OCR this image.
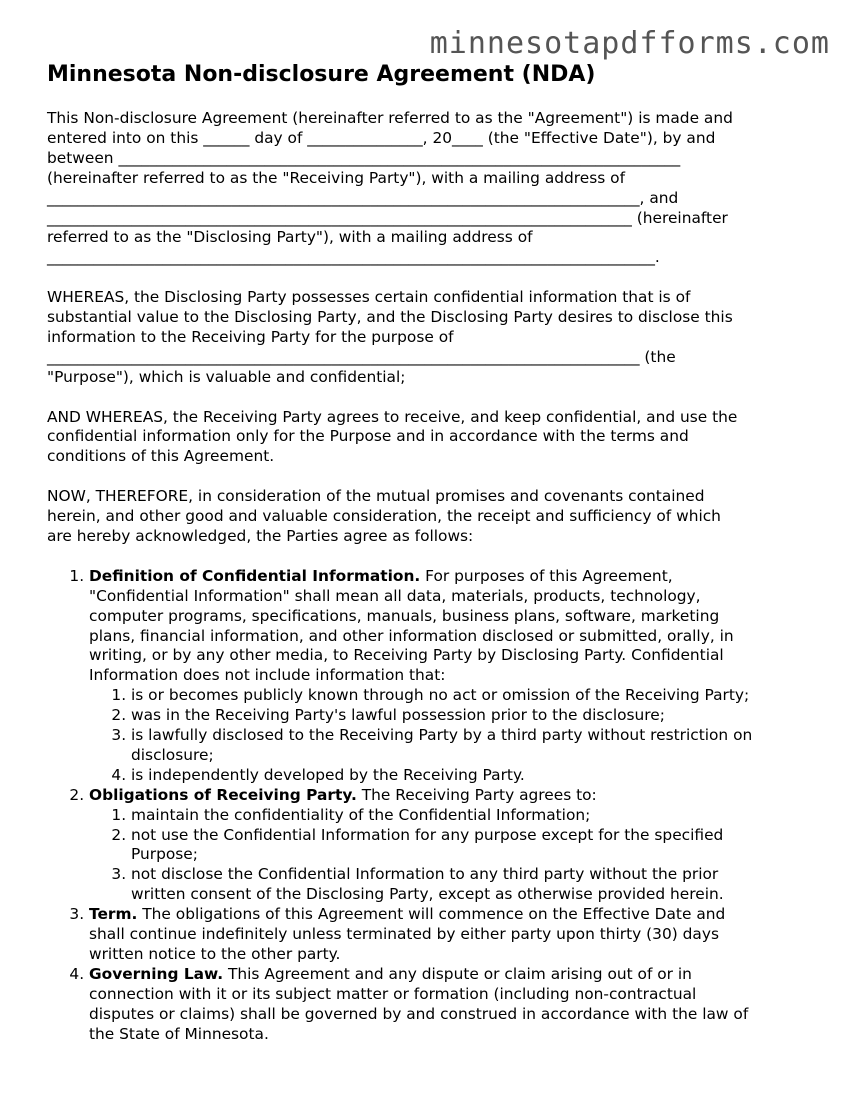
minnesotapdfforms.com
Minnesota Non-disclosure Agreement (NDA)

This Non-disclosure Agreement (hereinafter referred to as the "Agreement") is made and
entered into on this ______ day of _______________, 20____ (the "Effective Date"), by and
between _________________________________________________________________________
(hereinafter referred to as the "Receiving Party"), with a mailing address of
_____________________________________________________________________________, and
____________________________________________________________________________ (hereinafter
referred to as the "Disclosing Party"), with a mailing address of
_______________________________________________________________________________.

WHEREAS, the Disclosing Party possesses certain confidential information that is of
substantial value to the Disclosing Party, and the Disclosing Party desires to disclose this
information to the Receiving Party for the purpose of
_____________________________________________________________________________ (the
"Purpose"), which is valuable and confidential;

AND WHEREAS, the Receiving Party agrees to receive, and keep confidential, and use the
confidential information only for the Purpose and in accordance with the terms and
conditions of this Agreement.

NOW, THEREFORE, in consideration of the mutual promises and covenants contained
herein, and other good and valuable consideration, the receipt and sufficiency of which
are hereby acknowledged, the Parties agree as follows:

1. Definition of Confidential Information. For purposes of this Agreement,
"Confidential Information" shall mean all data, materials, products, technology,
computer programs, specifications, manuals, business plans, software, marketing
plans, financial information, and other information disclosed or submitted, orally, in
writing, or by any other media, to Receiving Party by Disclosing Party. Confidential
Information does not include information that:
1. is or becomes publicly known through no act or omission of the Receiving Party;
2. was in the Receiving Party's lawful possession prior to the disclosure;
3. is lawfully disclosed to the Receiving Party by a third party without restriction on
disclosure;
4. is independently developed by the Receiving Party.
2. Obligations of Receiving Party. The Receiving Party agrees to:
1. maintain the confidentiality of the Confidential Information;
2. not use the Confidential Information for any purpose except for the specified
Purpose;
3. not disclose the Confidential Information to any third party without the prior
written consent of the Disclosing Party, except as otherwise provided herein.
3. Term. The obligations of this Agreement will commence on the Effective Date and
shall continue indefinitely unless terminated by either party upon thirty (30) days
written notice to the other party.
4. Governing Law. This Agreement and any dispute or claim arising out of or in
connection with it or its subject matter or formation (including non-contractual
disputes or claims) shall be governed by and construed in accordance with the law of
the State of Minnesota.
